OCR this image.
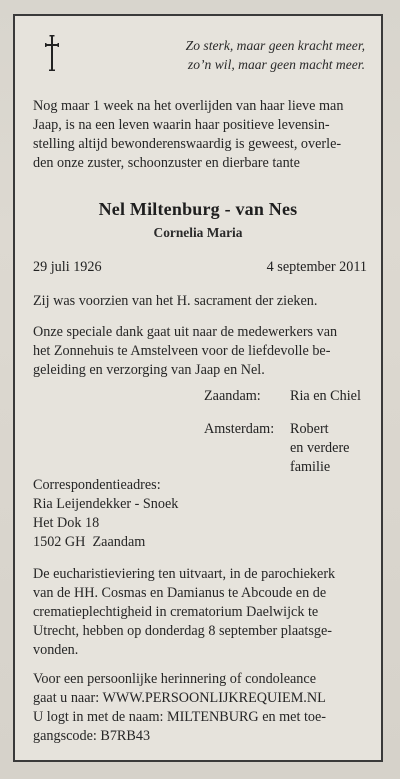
Zo sterk, maar geen kracht meer,
zo’n wil, maar geen macht meer.
Nog maar 1 week na het overlijden van haar lieve man
Jaap, is na een leven waarin haar positieve levensin-
stelling altijd bewonderenswaardig is geweest, overle-
den onze zuster, schoonzuster en dierbare tante
Nel Miltenburg - van Nes
Cornelia Maria
29 juli 1926	4 september 2011
Zij was voorzien van het H. sacrament der zieken.
Onze speciale dank gaat uit naar de medewerkers van
het Zonnehuis te Amstelveen voor de liefdevolle be-
geleiding en verzorging van Jaap en Nel.
Zaandam: Ria en Chiel
Amsterdam: Robert
en verdere familie
Correspondentieadres:
Ria Leijendekker - Snoek
Het Dok 18
1502 GH  Zaandam
De eucharistieviering ten uitvaart, in de parochiekerk
van de HH. Cosmas en Damianus te Abcoude en de
crematieplechtigheid in crematorium Daelwijck te
Utrecht, hebben op donderdag 8 september plaatsge-
vonden.
Voor een persoonlijke herinnering of condoleance
gaat u naar: WWW.PERSOONLIJKREQUIEM.NL
U logt in met de naam: MILTENBURG en met toe-
gangscode: B7RB43
